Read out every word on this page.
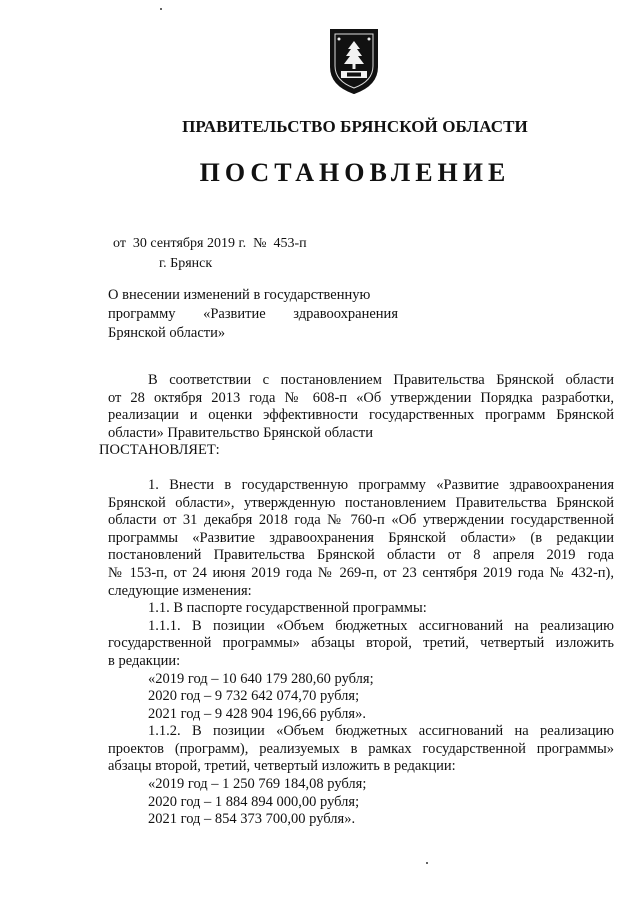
ПРАВИТЕЛЬСТВО БРЯНСКОЙ ОБЛАСТИ
ПОСТАНОВЛЕНИЕ
от  30 сентября 2019 г.  №  453-п
г. Брянск
О внесении изменений в государственную
программу «Развитие здравоохранения
Брянской области»
В соответствии с постановлением Правительства Брянской области
от 28 октября 2013 года № 608-п «Об утверждении Порядка разработки,
реализации и оценки эффективности государственных программ Брянской
области» Правительство Брянской области
ПОСТАНОВЛЯЕТ:
1. Внести в государственную программу «Развитие здравоохранения
Брянской области», утвержденную постановлением Правительства Брянской
области от 31 декабря 2018 года № 760-п «Об утверждении государственной
программы «Развитие здравоохранения Брянской области» (в редакции
постановлений Правительства Брянской области от 8 апреля 2019 года
№ 153-п, от 24 июня 2019 года № 269-п, от 23 сентября 2019 года № 432-п),
следующие изменения:
1.1. В паспорте государственной программы:
1.1.1. В позиции «Объем бюджетных ассигнований на реализацию
государственной программы» абзацы второй, третий, четвертый изложить
в редакции:
«2019 год – 10 640 179 280,60 рубля;
2020 год – 9 732 642 074,70 рубля;
2021 год – 9 428 904 196,66 рубля».
1.1.2. В позиции «Объем бюджетных ассигнований на реализацию
проектов (программ), реализуемых в рамках государственной программы»
абзацы второй, третий, четвертый изложить в редакции:
«2019 год – 1 250 769 184,08 рубля;
2020 год – 1 884 894 000,00 рубля;
2021 год – 854 373 700,00 рубля».
